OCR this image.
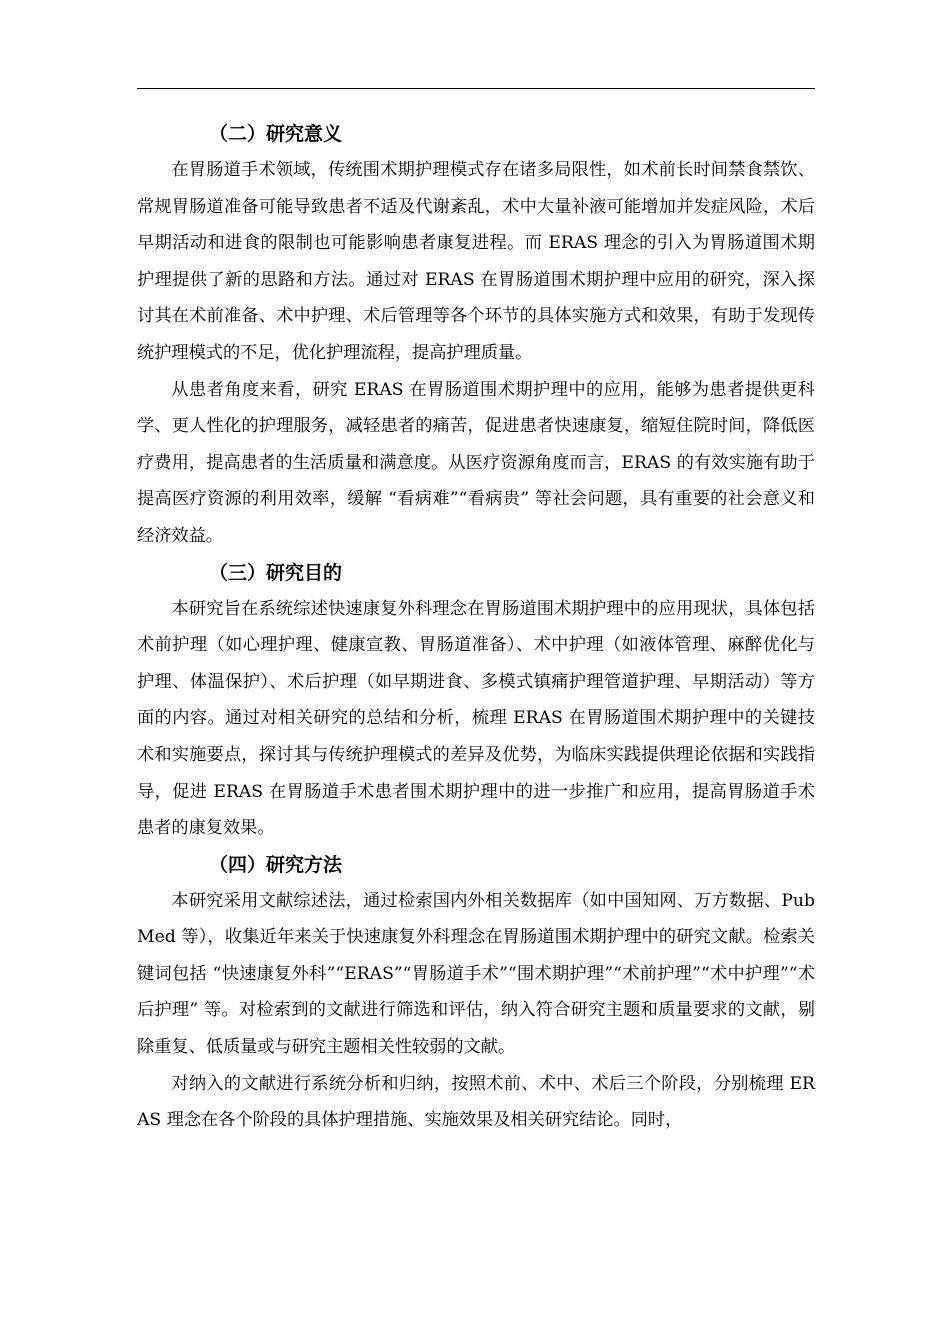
（二）研究意义

在胃肠道手术领域，传统围术期护理模式存在诸多局限性，如术前长时间禁食禁饮、常规胃肠道准备可能导致患者不适及代谢紊乱，术中大量补液可能增加并发症风险，术后早期活动和进食的限制也可能影响患者康复进程。而 ERAS 理念的引入为胃肠道围术期护理提供了新的思路和方法。通过对 ERAS 在胃肠道围术期护理中应用的研究，深入探讨其在术前准备、术中护理、术后管理等各个环节的具体实施方式和效果，有助于发现传统护理模式的不足，优化护理流程，提高护理质量。

从患者角度来看，研究 ERAS 在胃肠道围术期护理中的应用，能够为患者提供更科学、更人性化的护理服务，减轻患者的痛苦，促进患者快速康复，缩短住院时间，降低医疗费用，提高患者的生活质量和满意度。从医疗资源角度而言，ERAS 的有效实施有助于提高医疗资源的利用效率，缓解 “看病难”“看病贵” 等社会问题，具有重要的社会意义和经济效益。

（三）研究目的

本研究旨在系统综述快速康复外科理念在胃肠道围术期护理中的应用现状，具体包括术前护理（如心理护理、健康宣教、胃肠道准备）、术中护理（如液体管理、麻醉优化与护理、体温保护）、术后护理（如早期进食、多模式镇痛护理管道护理、早期活动）等方面的内容。通过对相关研究的总结和分析，梳理 ERAS 在胃肠道围术期护理中的关键技术和实施要点，探讨其与传统护理模式的差异及优势，为临床实践提供理论依据和实践指导，促进 ERAS 在胃肠道手术患者围术期护理中的进一步推广和应用，提高胃肠道手术患者的康复效果。

（四）研究方法

本研究采用文献综述法，通过检索国内外相关数据库（如中国知网、万方数据、PubMed 等），收集近年来关于快速康复外科理念在胃肠道围术期护理中的研究文献。检索关键词包括 “快速康复外科”“ERAS”“胃肠道手术”“围术期护理”“术前护理”“术中护理”“术后护理” 等。对检索到的文献进行筛选和评估，纳入符合研究主题和质量要求的文献，剔除重复、低质量或与研究主题相关性较弱的文献。

对纳入的文献进行系统分析和归纳，按照术前、术中、术后三个阶段，分别梳理 ERAS 理念在各个阶段的具体护理措施、实施效果及相关研究结论。同时，
